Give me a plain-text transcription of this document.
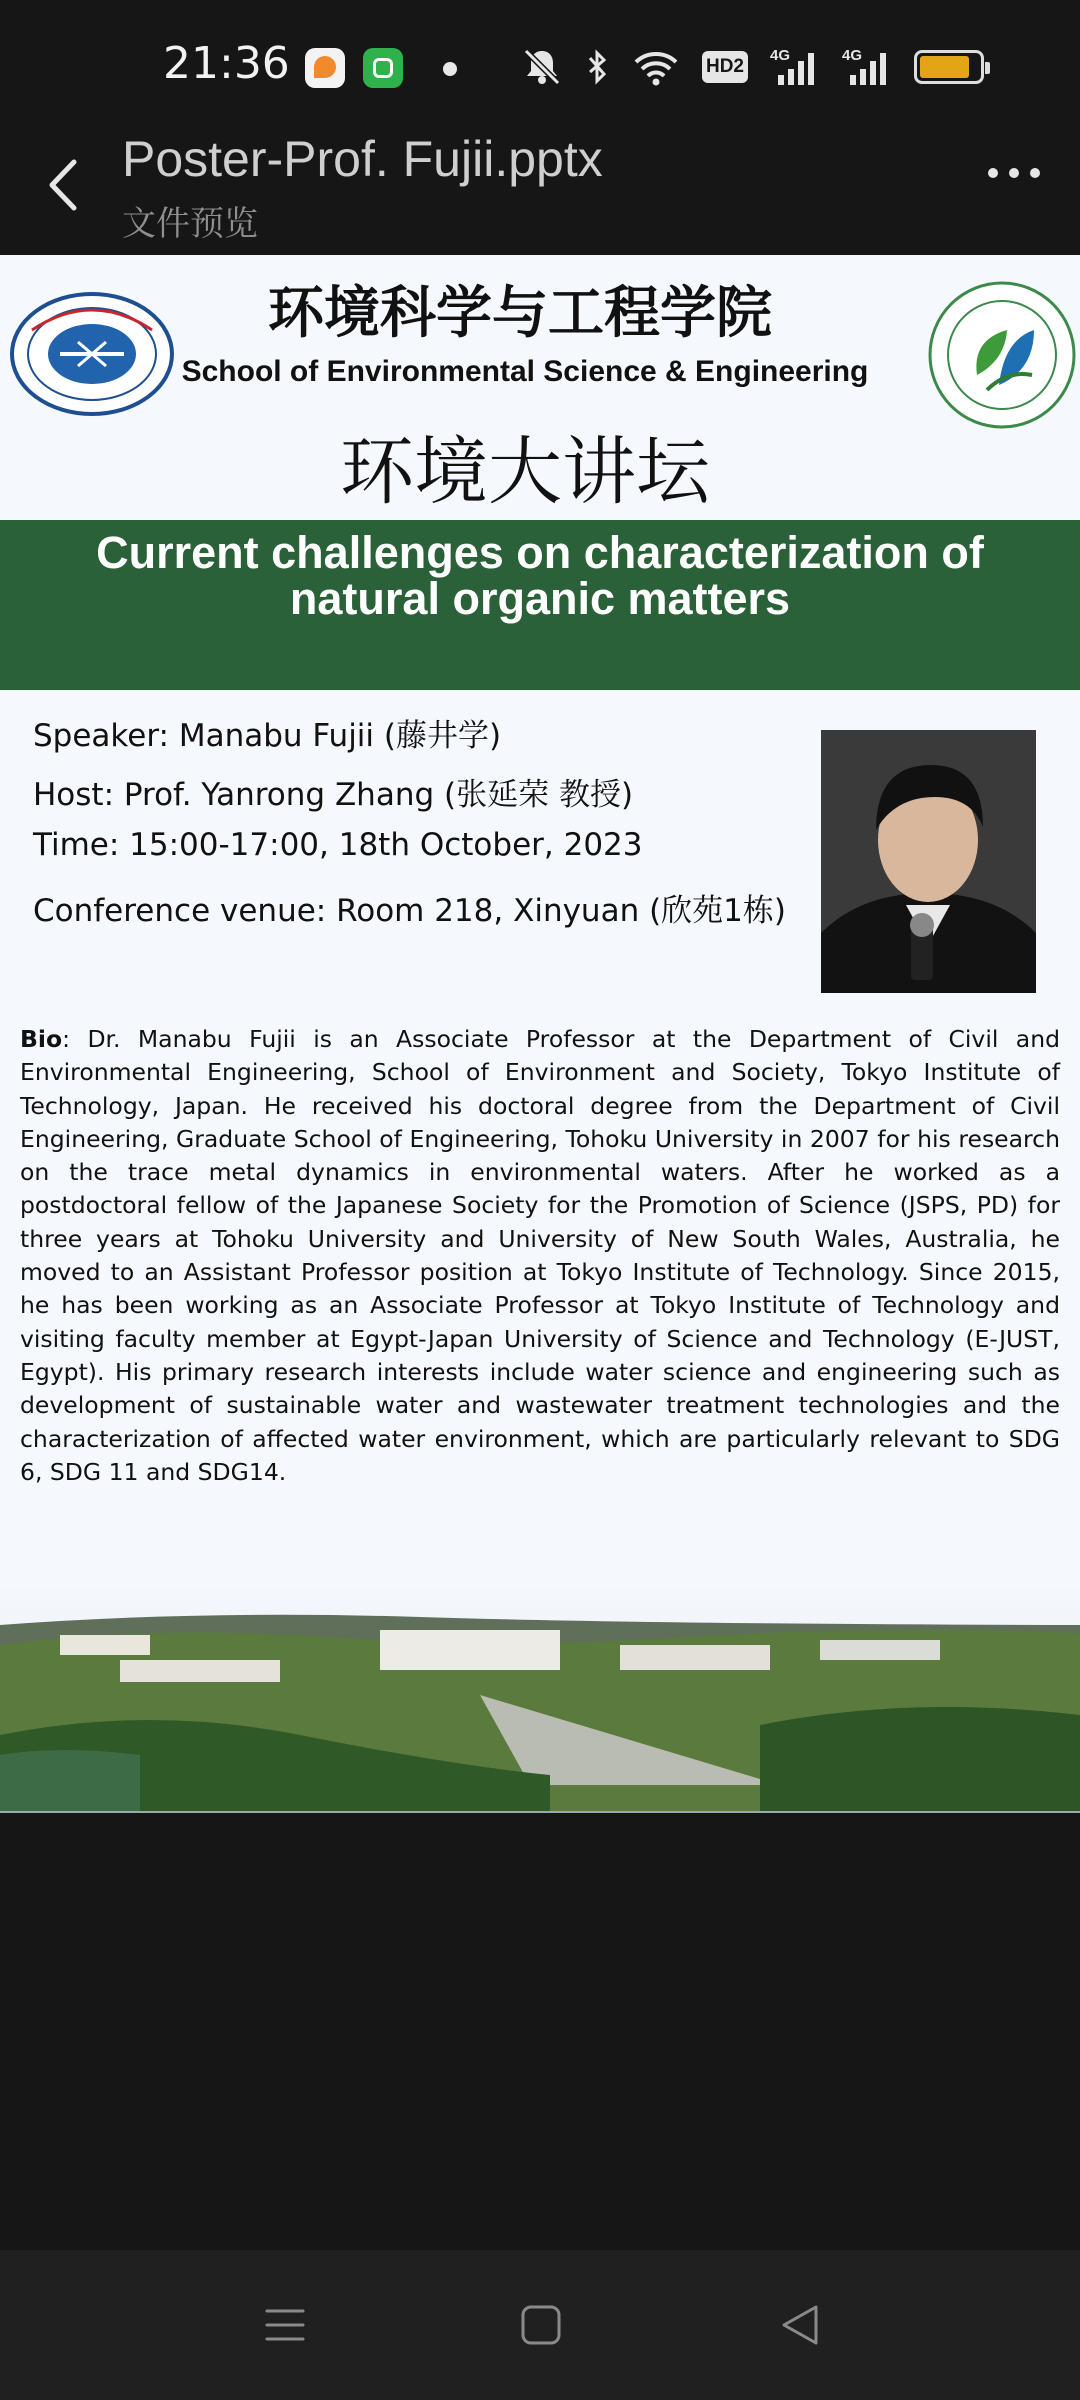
21:36	HD2
4G	4G
Poster-Prof. Fujii.pptx
文件预览
环境科学与工程学院
School of Environmental Science & Engineering
环境大讲坛
Current challenges on characterization of
natural organic matters
Speaker: Manabu Fujii (藤井学)
Host: Prof. Yanrong Zhang (张延荣 教授)
Time: 15:00-17:00, 18th October, 2023
Conference venue: Room 218, Xinyuan (欣苑1栋)
Bio: Dr. Manabu Fujii is an Associate Professor at the Department of Civil and Environmental Engineering, School of Environment and Society, Tokyo Institute of Technology, Japan. He received his doctoral degree from the Department of Civil Engineering, Graduate School of Engineering, Tohoku University in 2007 for his research on the trace metal dynamics in environmental waters. After he worked as a postdoctoral fellow of the Japanese Society for the Promotion of Science (JSPS, PD) for three years at Tohoku University and University of New South Wales, Australia, he moved to an Assistant Professor position at Tokyo Institute of Technology. Since 2015, he has been working as an Associate Professor at Tokyo Institute of Technology and visiting faculty member at Egypt-Japan University of Science and Technology (E-JUST, Egypt). His primary research interests include water science and engineering such as development of sustainable water and wastewater treatment technologies and the characterization of affected water environment, which are particularly relevant to SDG 6, SDG 11 and SDG14.
